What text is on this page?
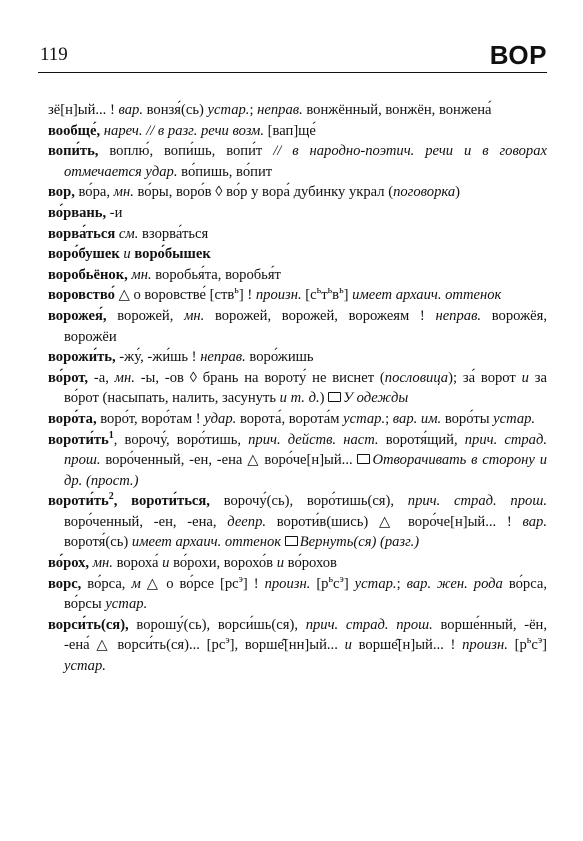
119	ВОР

зё[н]ый... ! вар. вонзя́(сь) устар.; неправ. вонжённый, вонжён, вонжена́

вообще́, нареч. // в разг. речи возм. [вап]ще́

вопи́ть, воплю́, вопи́шь, вопи́т // в народно-поэтич. речи и в говорах отмечается удар. во́пишь, во́пит

вор, во́ра, мн. во́ры, воро́в ◊ во́р у вора́ дубинку украл (поговорка)

во́рвань, -и

ворва́ться см. взорва́ться

воро́бушек и воро́бышек

воробьёнок, мн. воробья́та, воробья́т

воровство́ △ о воровстве́ [ств$^ь$] ! произн. $[с^ьт^ьв^ь]$ имеет архаич. оттенок

ворожея́, ворожей, мн. ворожей, ворожей, ворожеям ! неправ. ворожёя, ворожёи

ворожи́ть, -жу́, -жи́шь ! неправ. воро́жишь

во́рот, -а, мн. -ы, -ов ◊ брань на вороту́ не виснет (пословица); за́ ворот и за во́рот (насыпать, налить, засунуть и т. д.) У одежды

воро́та, воро́т, воро́там ! удар. ворота́, ворота́м устар.; вар. им. воро́ты устар.

$вороти́ть^1$, ворочу́, воро́тишь, прич. действ. наст. воротя́щий, прич. страд. прош. воро́ченный, -ен, -ена △ воро́че[н]ый... Отворачивать в сторону и др. (прост.)

$вороти́ть^2$, вороти́ться, ворочу́(сь), воро́тишь(ся), прич. страд. прош. воро́ченный, -ен, -ена, деепр. вороти́в(шись) △ воро́че[н]ый... ! вар. воротя́(сь) имеет архаич. оттенок Вернуть(ся) (разг.)

во́рох, мн. вороха́ и во́рохи, ворохо́в и во́рохов

ворс, во́рса, м △ о во́рсе $[рс^э]$ ! произн. $[р^ьс^э]$ устар.; вар. жен. рода во́рса, во́рсы устар.

ворси́ть(ся), ворошу́(сь), ворси́шь(ся), прич. страд. прош. ворше́нный, -ён, -ена́ △ ворси́ть(ся)... $[рс^э]$, ворше̂[нн]ый... и ворше̂[н]ый... ! произн. $[р^ьс^э]$ устар.
